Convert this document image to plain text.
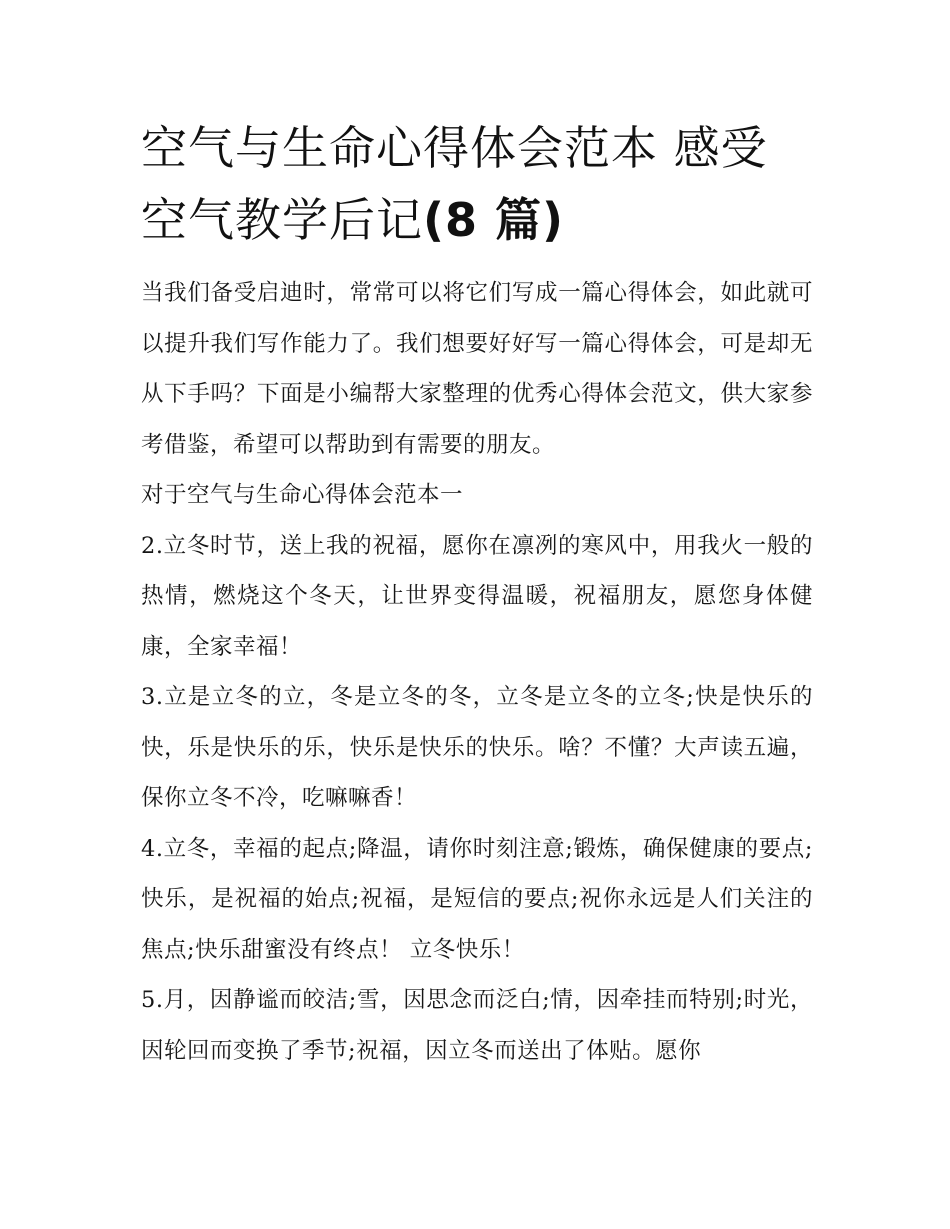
空气与生命心得体会范本 感受
空气教学后记(8 篇)

当我们备受启迪时，常常可以将它们写成一篇心得体会，如此就可以提升我们写作能力了。我们想要好好写一篇心得体会，可是却无从下手吗？下面是小编帮大家整理的优秀心得体会范文，供大家参考借鉴，希望可以帮助到有需要的朋友。

对于空气与生命心得体会范本一

2.立冬时节，送上我的祝福，愿你在凛冽的寒风中，用我火一般的热情，燃烧这个冬天，让世界变得温暖，祝福朋友，愿您身体健康，全家幸福！

3.立是立冬的立，冬是立冬的冬，立冬是立冬的立冬;快是快乐的快，乐是快乐的乐，快乐是快乐的快乐。啥？不懂？大声读五遍，保你立冬不冷，吃嘛嘛香！

4.立冬，幸福的起点;降温，请你时刻注意;锻炼，确保健康的要点;快乐，是祝福的始点;祝福，是短信的要点;祝你永远是人们关注的焦点;快乐甜蜜没有终点！ 立冬快乐！

5.月，因静谧而皎洁;雪，因思念而泛白;情，因牵挂而特别;时光，因轮回而变换了季节;祝福，因立冬而送出了体贴。愿你
